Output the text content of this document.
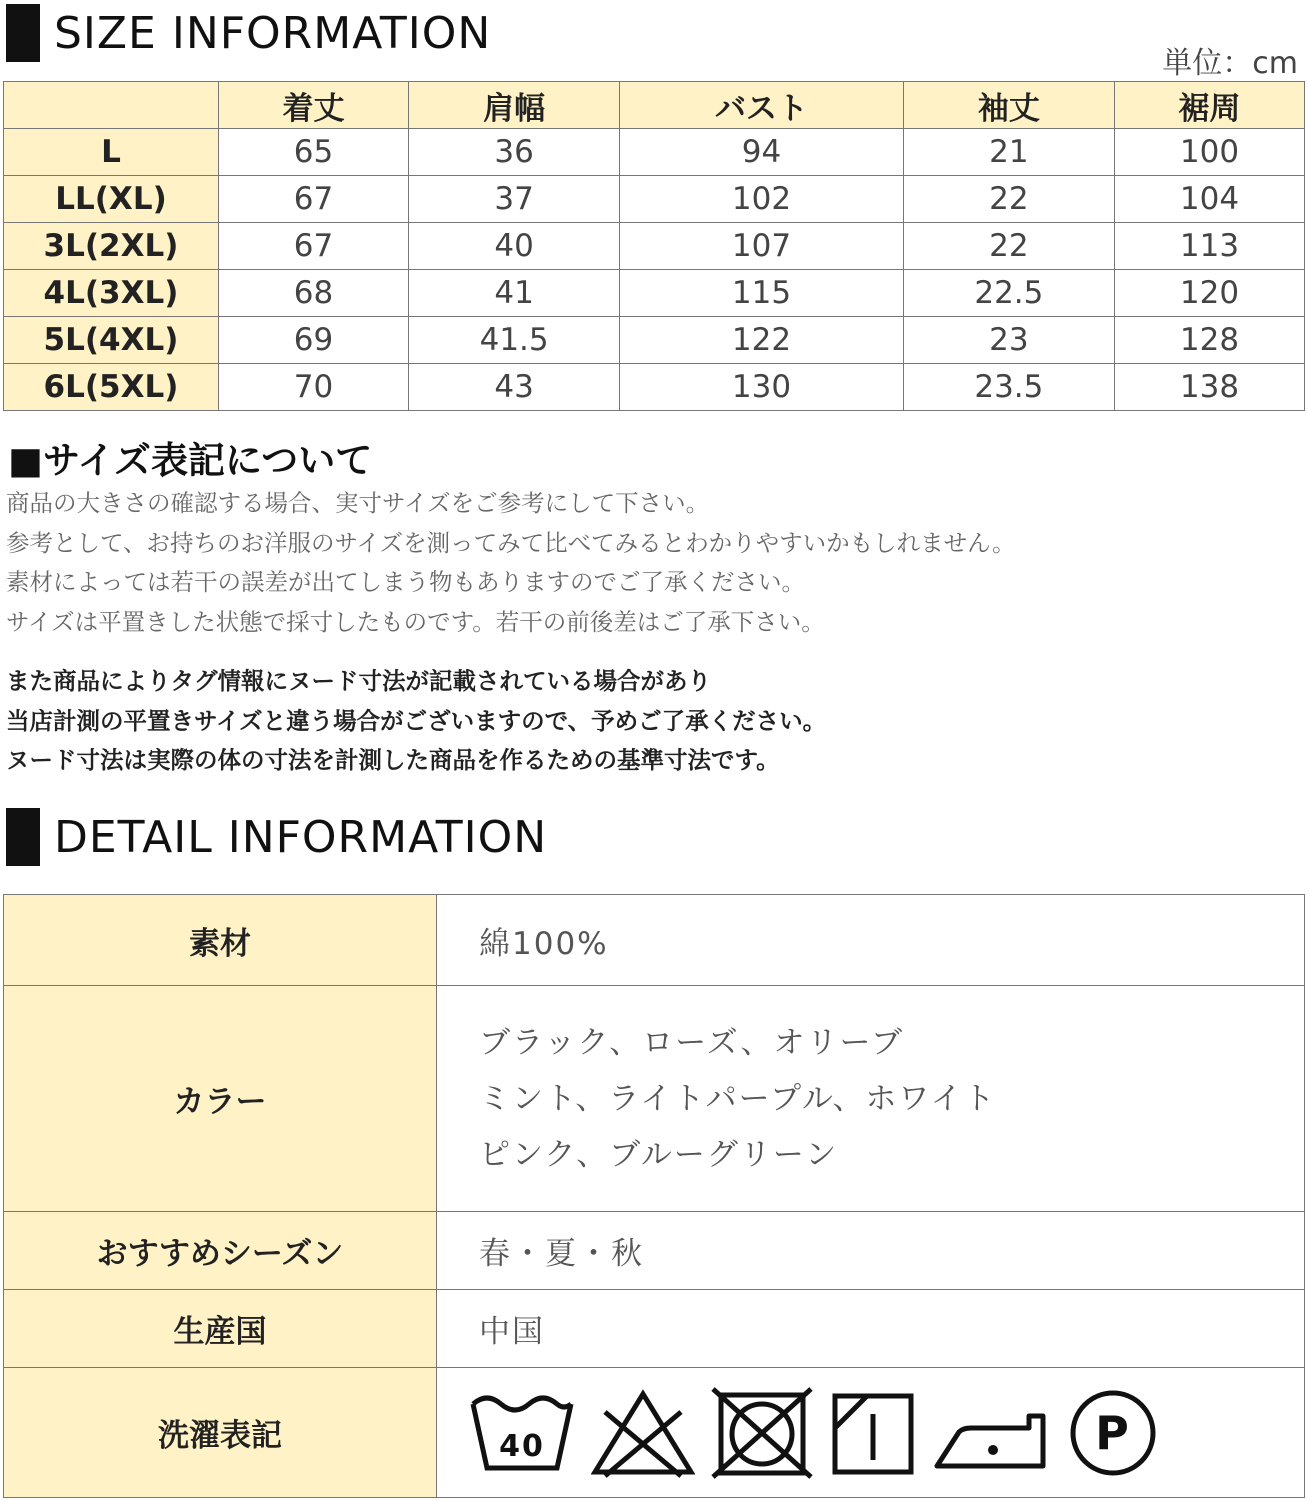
SIZE INFORMATION
単位：cm
	着丈	肩幅	バスト	袖丈	裾周
L	65	36	94	21	100
LL(XL)	67	37	102	22	104
3L(2XL)	67	40	107	22	113
4L(3XL)	68	41	115	22.5	120
5L(4XL)	69	41.5	122	23	128
6L(5XL)	70	43	130	23.5	138
■サイズ表記について
商品の大きさの確認する場合、実寸サイズをご参考にして下さい。
参考として、お持ちのお洋服のサイズを測ってみて比べてみるとわかりやすいかもしれません。
素材によっては若干の誤差が出てしまう物もありますのでご了承ください。
サイズは平置きした状態で採寸したものです。若干の前後差はご了承下さい。
また商品によりタグ情報にヌード寸法が記載されている場合があり
当店計測の平置きサイズと違う場合がございますので、予めご了承ください。
ヌード寸法は実際の体の寸法を計測した商品を作るための基準寸法です。
DETAIL INFORMATION
素材	綿100%
カラー	ブラック、ローズ、オリーブ
ミント、ライトパープル、ホワイト
ピンク、ブルーグリーン

おすすめシーズン	春・夏・秋
生産国	中国
洗濯表記	40 P
